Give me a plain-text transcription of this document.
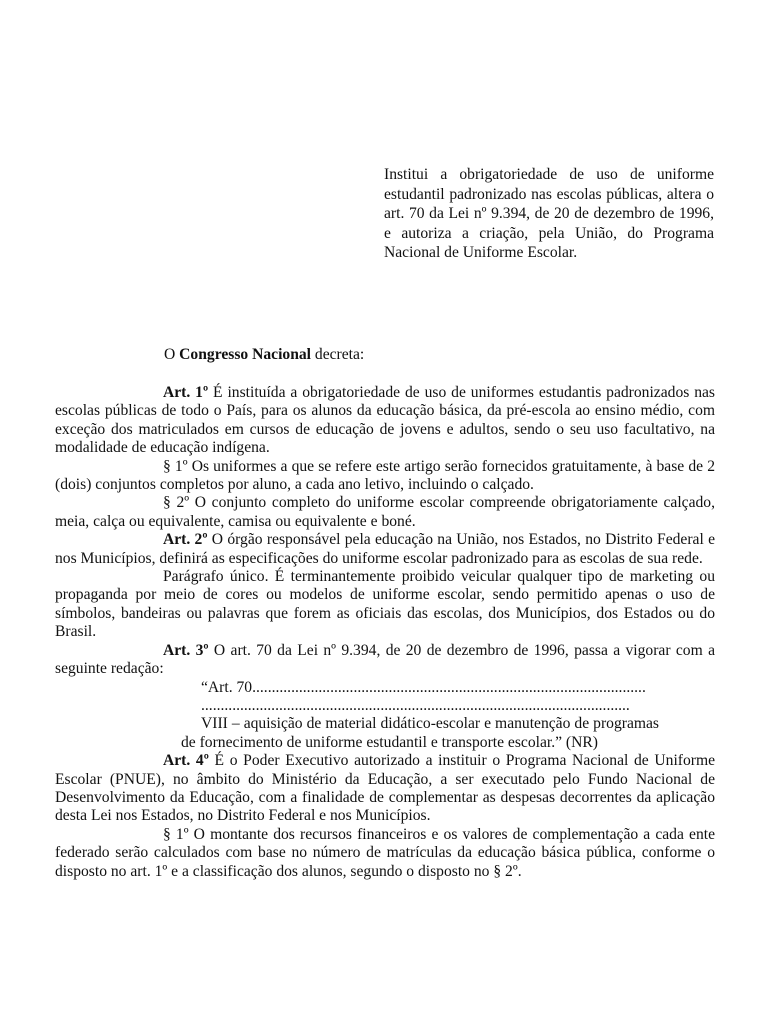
Institui a obrigatoriedade de uso de uniforme estudantil padronizado nas escolas públicas, altera o art. 70 da Lei nº 9.394, de 20 de dezembro de 1996, e autoriza a criação, pela União, do Programa Nacional de Uniforme Escolar.
O Congresso Nacional decreta:

Art. 1º É instituída a obrigatoriedade de uso de uniformes estudantis padronizados nas escolas públicas de todo o País, para os alunos da educação básica, da pré-escola ao ensino médio, com exceção dos matriculados em cursos de educação de jovens e adultos, sendo o seu uso facultativo, na modalidade de educação indígena.

§ 1º Os uniformes a que se refere este artigo serão fornecidos gratuitamente, à base de 2 (dois) conjuntos completos por aluno, a cada ano letivo, incluindo o calçado.

§ 2º O conjunto completo do uniforme escolar compreende obrigatoriamente calçado, meia, calça ou equivalente, camisa ou equivalente e boné.

Art. 2º O órgão responsável pela educação na União, nos Estados, no Distrito Federal e nos Municípios, definirá as especificações do uniforme escolar padronizado para as escolas de sua rede.

Parágrafo único. É terminantemente proibido veicular qualquer tipo de marketing ou propaganda por meio de cores ou modelos de uniforme escolar, sendo permitido apenas o uso de símbolos, bandeiras ou palavras que forem as oficiais das escolas, dos Municípios, dos Estados ou do Brasil.

Art. 3º O art. 70 da Lei nº 9.394, de 20 de dezembro de 1996, passa a vigorar com a seguinte redação:

“Art. 70.....................................................................................................
..............................................................................................................

VIII – aquisição de material didático-escolar e manutenção de programas de fornecimento de uniforme estudantil e transporte escolar.” (NR)

Art. 4º É o Poder Executivo autorizado a instituir o Programa Nacional de Uniforme Escolar (PNUE), no âmbito do Ministério da Educação, a ser executado pelo Fundo Nacional de Desenvolvimento da Educação, com a finalidade de complementar as despesas decorrentes da aplicação desta Lei nos Estados, no Distrito Federal e nos Municípios.

§ 1º O montante dos recursos financeiros e os valores de complementação a cada ente federado serão calculados com base no número de matrículas da educação básica pública, conforme o disposto no art. 1º e a classificação dos alunos, segundo o disposto no § 2º.
